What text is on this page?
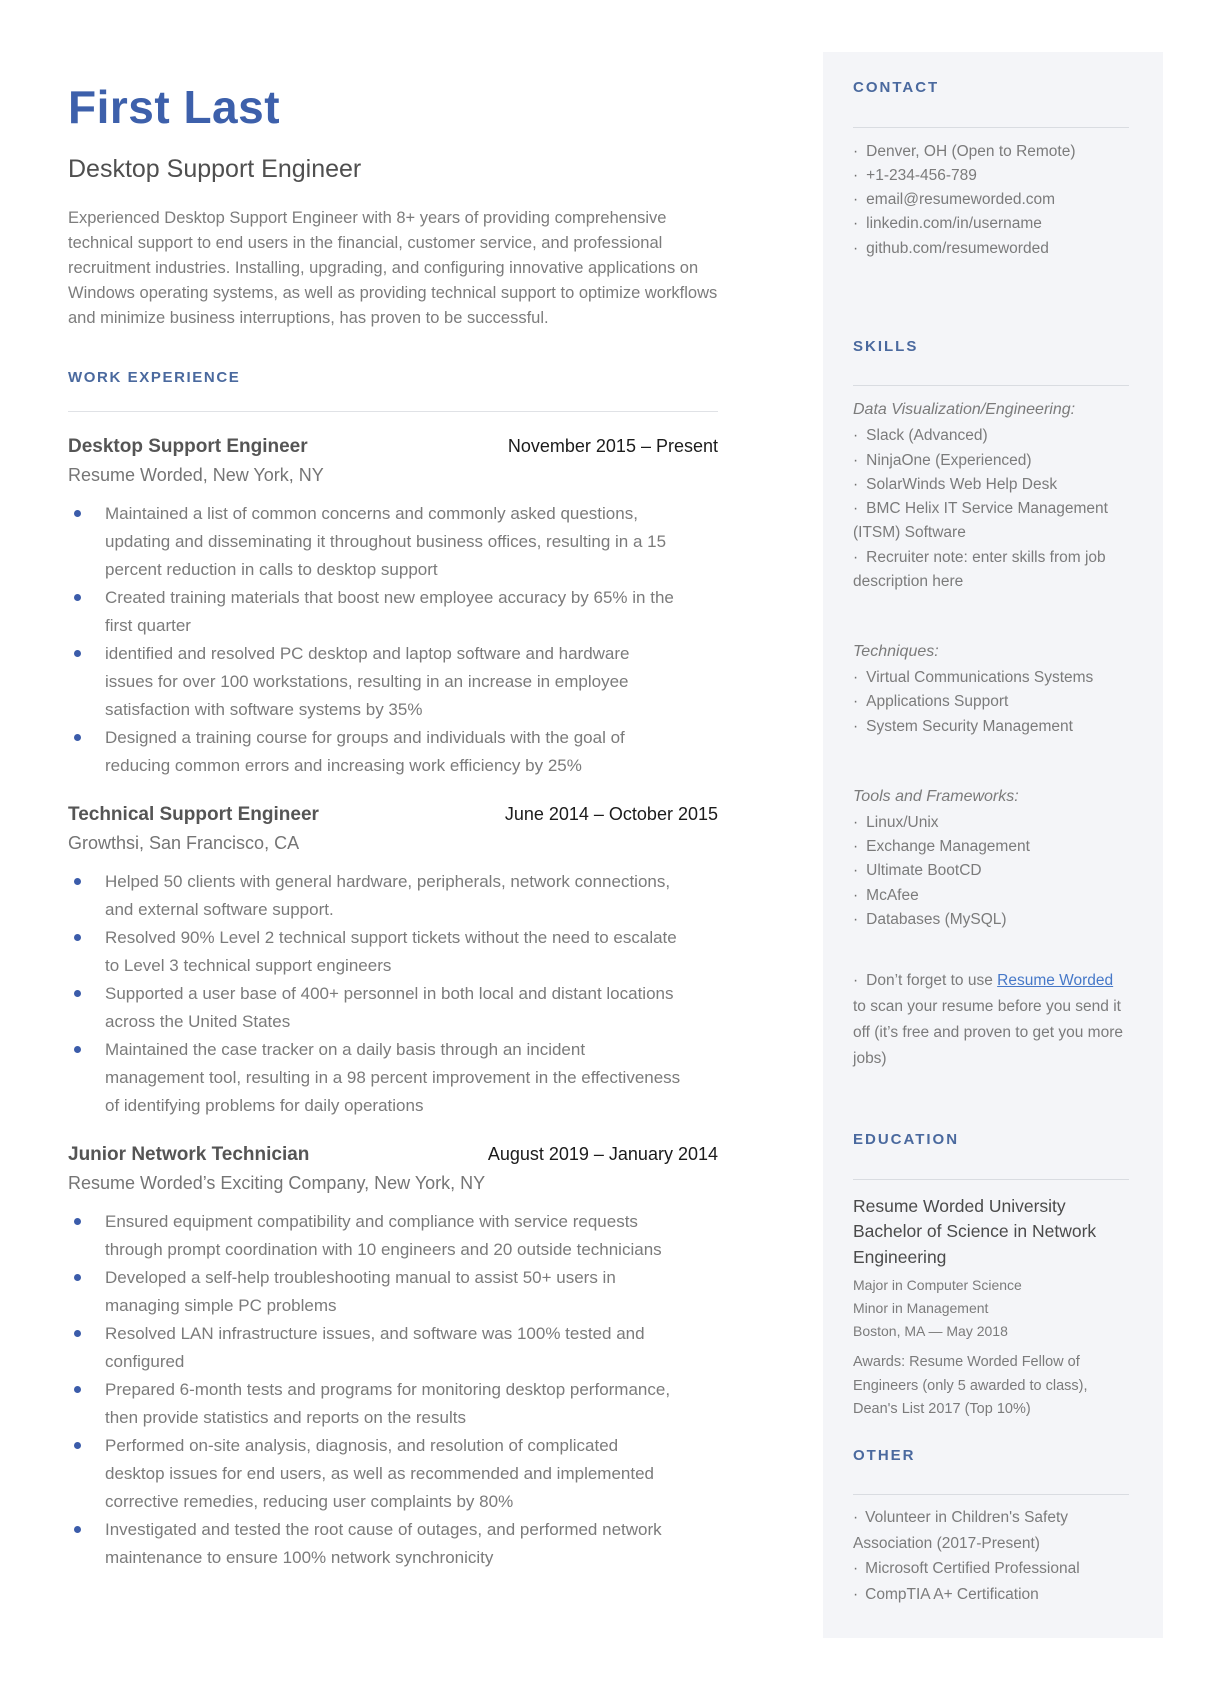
First Last
Desktop Support Engineer

Experienced Desktop Support Engineer with 8+ years of providing comprehensive technical support to end users in the financial, customer service, and professional recruitment industries. Installing, upgrading, and configuring innovative applications on Windows operating systems, as well as providing technical support to optimize workflows and minimize business interruptions, has proven to be successful.

WORK EXPERIENCE
Desktop Support Engineer	November 2015 – Present
Resume Worded, New York, NY
Maintained a list of common concerns and commonly asked questions, updating and disseminating it throughout business offices, resulting in a 15 percent reduction in calls to desktop support
Created training materials that boost new employee accuracy by 65% in the first quarter
identified and resolved PC desktop and laptop software and hardware issues for over 100 workstations, resulting in an increase in employee satisfaction with software systems by 35%
Designed a training course for groups and individuals with the goal of reducing common errors and increasing work efficiency by 25%
Technical Support Engineer	June 2014 – October 2015
Growthsi, San Francisco, CA
Helped 50 clients with general hardware, peripherals, network connections, and external software support.
Resolved 90% Level 2 technical support tickets without the need to escalate to Level 3 technical support engineers
Supported a user base of 400+ personnel in both local and distant locations across the United States
Maintained the case tracker on a daily basis through an incident management tool, resulting in a 98 percent improvement in the effectiveness of identifying problems for daily operations
Junior Network Technician	August 2019 – January 2014
Resume Worded’s Exciting Company, New York, NY
Ensured equipment compatibility and compliance with service requests through prompt coordination with 10 engineers and 20 outside technicians
Developed a self-help troubleshooting manual to assist 50+ users in managing simple PC problems
Resolved LAN infrastructure issues, and software was 100% tested and configured
Prepared 6-month tests and programs for monitoring desktop performance, then provide statistics and reports on the results
Performed on-site analysis, diagnosis, and resolution of complicated desktop issues for end users, as well as recommended and implemented corrective remedies, reducing user complaints by 80%
Investigated and tested the root cause of outages, and performed network maintenance to ensure 100% network synchronicity
CONTACT
· Denver, OH (Open to Remote)
· +1-234-456-789
· email@resumeworded.com
· linkedin.com/in/username
· github.com/resumeworded
SKILLS
Data Visualization/Engineering:
· Slack (Advanced)
· NinjaOne (Experienced)
· SolarWinds Web Help Desk
· BMC Helix IT Service Management (ITSM) Software
· Recruiter note: enter skills from job description here
Techniques:
· Virtual Communications Systems
· Applications Support
· System Security Management
Tools and Frameworks:
· Linux/Unix
· Exchange Management
· Ultimate BootCD
· McAfee
· Databases (MySQL)

· Don’t forget to use Resume Worded to scan your resume before you send it off (it’s free and proven to get you more jobs)

EDUCATION

Resume Worded University

Bachelor of Science in Network Engineering

Major in Computer Science

Minor in Management

Boston, MA — May 2018

Awards: Resume Worded Fellow of Engineers (only 5 awarded to class), Dean's List 2017 (Top 10%)

OTHER
· Volunteer in Children's Safety Association (2017-Present)
· Microsoft Certified Professional
· CompTIA A+ Certification
